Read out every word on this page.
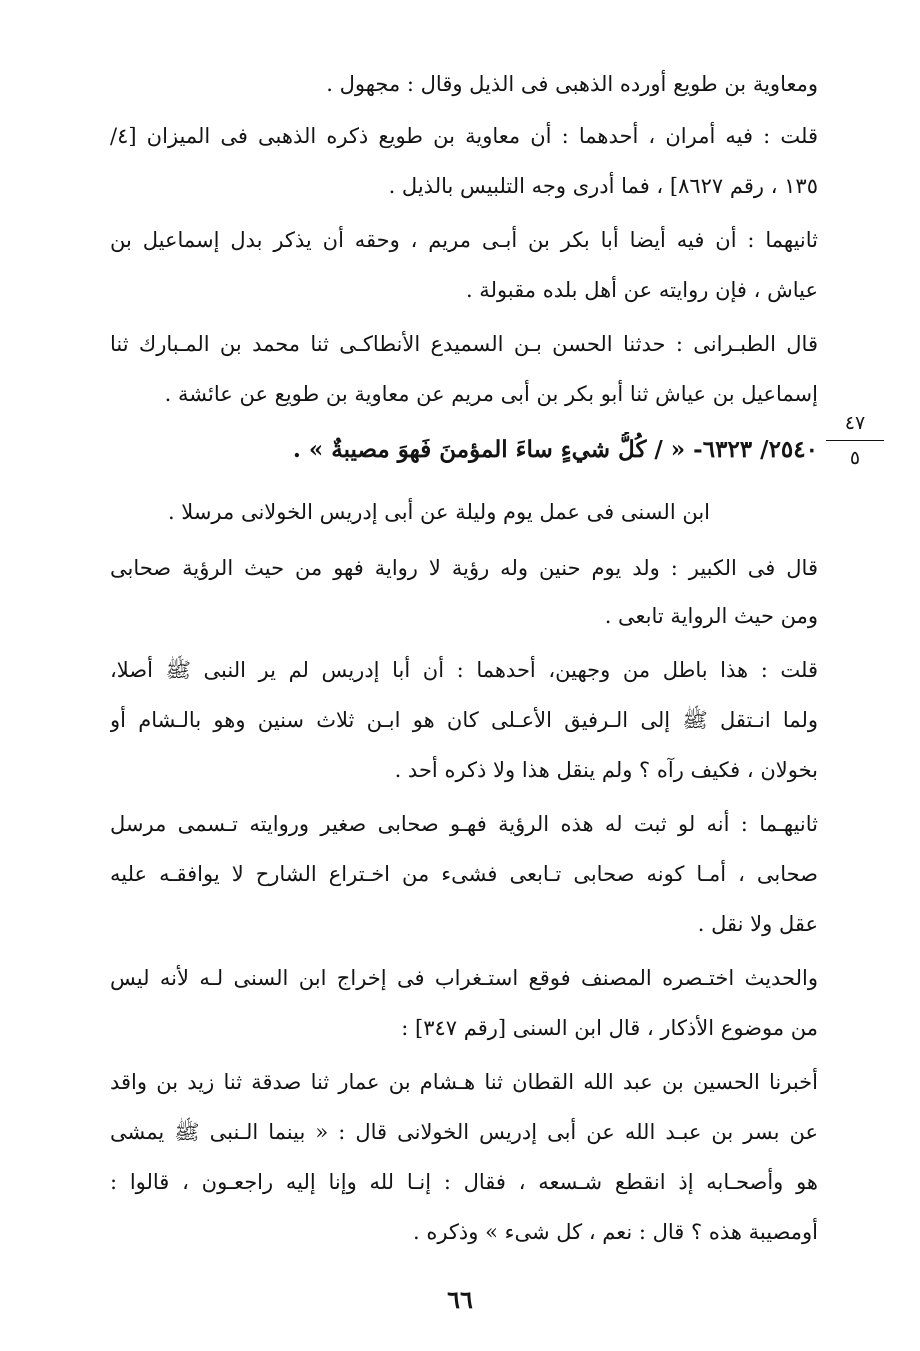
٤٧
٥
ومعاوية بن طويع أورده الذهبى فى الذيل وقال : مجهول .
قلت : فيه أمران ، أحدهما : أن معاوية بن طويع ذكره الذهبى فى الميزان [٤/
١٣٥ ، رقم ٨٦٢٧] ، فما أدرى وجه التلبيس بالذيل .
ثانيهما : أن فيه أيضا أبا بكر بن أبـى مريم ، وحقه أن يذكر بدل إسماعيل بن
عياش ، فإن روايته عن أهل بلده مقبولة .
قال الطبـرانى : حدثنا الحسن بـن السميدع الأنطاكـى ثنا محمد بن المـبارك ثنا
إسماعيل بن عياش ثنا أبو بكر بن أبى مريم عن معاوية بن طويع عن عائشة .
٢٥٤٠/ ٦٣٢٣- « / كُلُّ شيءٍ ساءَ المؤمنَ فَهوَ مصيبةٌ » .
ابن السنى فى عمل يوم وليلة عن أبى إدريس الخولانى مرسلا .
قال فى الكبير : ولد يوم حنين وله رؤية لا رواية فهو من حيث الرؤية صحابى
ومن حيث الرواية تابعى .
قلت : هذا باطل من وجهين، أحدهما : أن أبا إدريس لم ير النبى ﷺ أصلا،
ولما انـتقل ﷺ إلى الـرفيق الأعـلى كان هو ابـن ثلاث سنين وهو بالـشام أو
بخولان ، فكيف رآه ؟ ولم ينقل هذا ولا ذكره أحد .
ثانيهـما : أنه لو ثبت له هذه الرؤية فهـو صحابى صغير وروايته تـسمى مرسل
صحابى ، أمـا كونه صحابى تـابعى فشىء من اخـتراع الشارح لا يوافقـه عليه
عقل ولا نقل .
والحديث اختـصره المصنف فوقع استـغراب فى إخراج ابن السنى لـه لأنه ليس
من موضوع الأذكار ، قال ابن السنى [رقم ٣٤٧] :
أخبرنا الحسين بن عبد الله القطان ثنا هـشام بن عمار ثنا صدقة ثنا زيد بن واقد
عن بسر بن عبـد الله عن أبى إدريس الخولانى قال : « بينما الـنبى ﷺ يمشى
هو وأصحـابه إذ انقطع شـسعه ، فقال : إنـا لله وإنا إليه راجعـون ، قالوا :
أومصيبة هذه ؟ قال : نعم ، كل شىء » وذكره .
٦٦
